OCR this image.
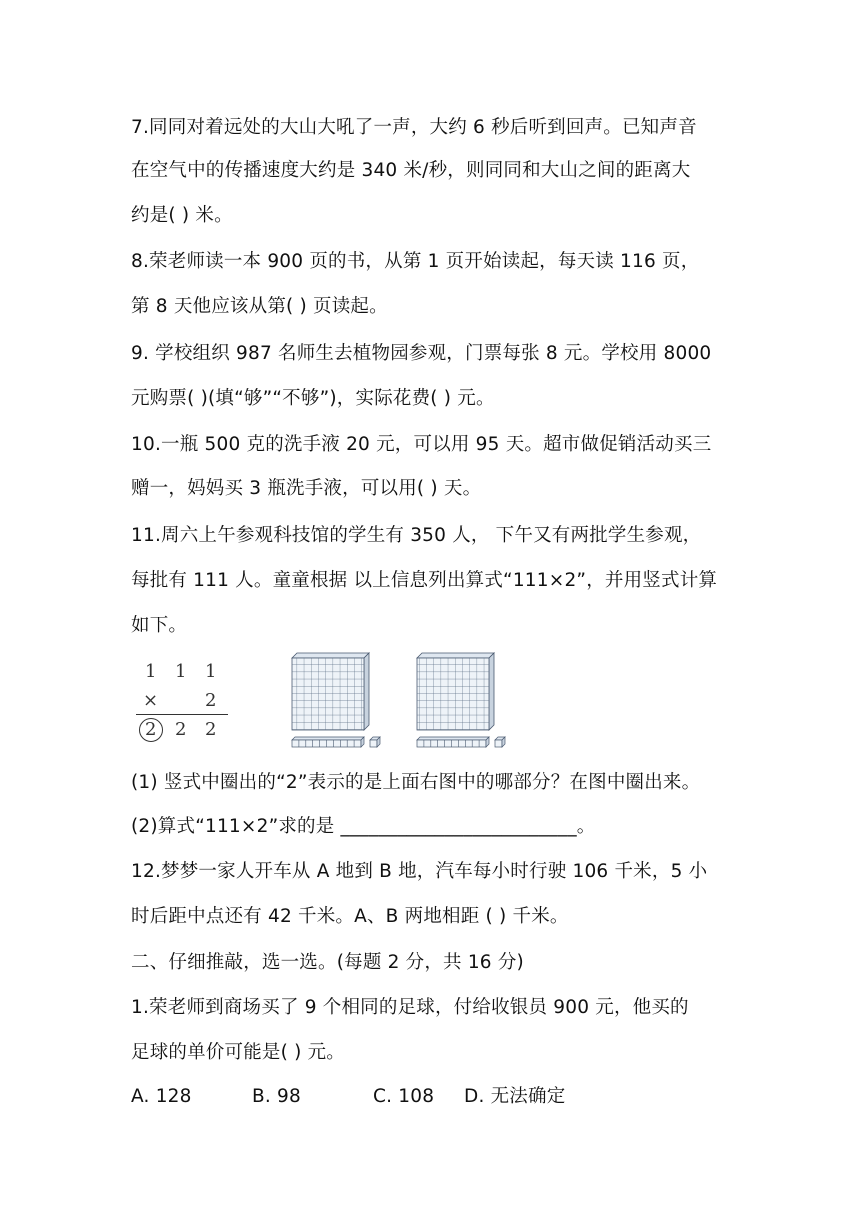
7.同同对着远处的大山大吼了一声，大约 6 秒后听到回声。已知声音
在空气中的传播速度大约是 340 米/秒，则同同和大山之间的距离大
约是( ) 米。
8.荣老师读一本 900 页的书，从第 1 页开始读起，每天读 116 页，
第 8 天他应该从第( ) 页读起。
9. 学校组织 987 名师生去植物园参观，门票每张 8 元。学校用 8000
元购票( )(填“够”“不够”)，实际花费( ) 元。
10.一瓶 500 克的洗手液 20 元，可以用 95 天。超市做促销活动买三
赠一，妈妈买 3 瓶洗手液，可以用( ) 天。
11.周六上午参观科技馆的学生有 350 人， 下午又有两批学生参观，
每批有 111 人。童童根据 以上信息列出算式“111×2”，并用竖式计算
如下。
1 1 1
×	2
2 2 2
(1) 竖式中圈出的“2”表示的是上面右图中的哪部分？在图中圈出来。
(2)算式“111×2”求的是 _________________________。
12.梦梦一家人开车从 A 地到 B 地，汽车每小时行驶 106 千米，5 小
时后距中点还有 42 千米。A、B 两地相距 ( ) 千米。
二、仔细推敲，选一选。(每题 2 分，共 16 分)
1.荣老师到商场买了 9 个相同的足球，付给收银员 900 元，他买的
足球的单价可能是( ) 元。
A. 128	B. 98	C. 108 D. 无法确定
